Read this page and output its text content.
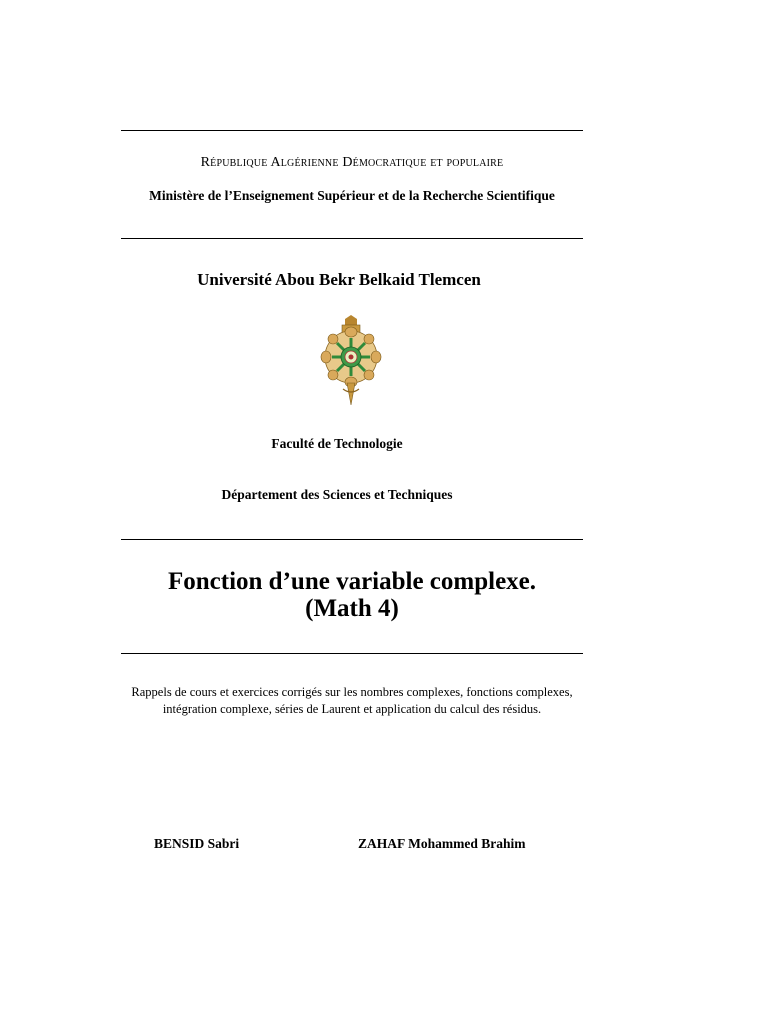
République Algérienne Démocratique et populaire
Ministère de l’Enseignement Supérieur et de la Recherche Scientifique
Université Abou Bekr Belkaid Tlemcen
Faculté de Technologie
Département des Sciences et Techniques
Fonction d’une variable complexe.
(Math 4)
Rappels de cours et exercices corrigés sur les nombres complexes, fonctions complexes, intégration complexe, séries de Laurent et application du calcul des résidus.
BENSID Sabri	ZAHAF Mohammed Brahim
